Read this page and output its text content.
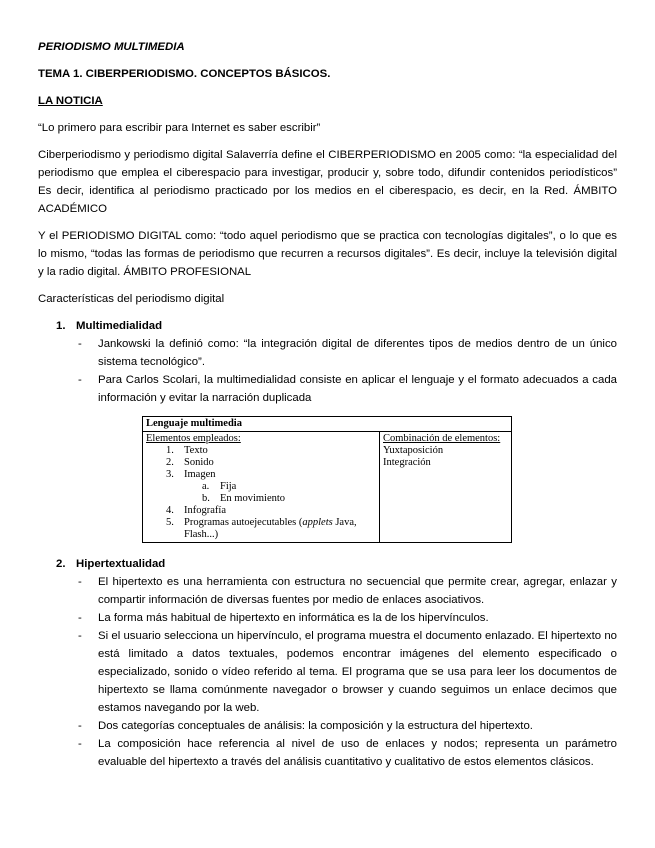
PERIODISMO MULTIMEDIA

TEMA 1. CIBERPERIODISMO. CONCEPTOS BÁSICOS.

LA NOTICIA

“Lo primero para escribir para Internet es saber escribir”

Ciberperiodismo y periodismo digital Salaverría define el CIBERPERIODISMO en 2005 como: “la especialidad del periodismo que emplea el ciberespacio para investigar, producir y, sobre todo, difundir contenidos periodísticos” Es decir, identifica al periodismo practicado por los medios en el ciberespacio, es decir, en la Red. ÁMBITO ACADÉMICO

Y el PERIODISMO DIGITAL como: “todo aquel periodismo que se practica con tecnologías digitales”, o lo que es lo mismo, “todas las formas de periodismo que recurren a recursos digitales”. Es decir, incluye la televisión digital y la radio digital. ÁMBITO PROFESIONAL

Características del periodismo digital

1. Multimedialidad
- Jankowski la definió como: “la integración digital de diferentes tipos de medios dentro de un único sistema tecnológico”.
- Para Carlos Scolari, la multimedialidad consiste en aplicar el lenguaje y el formato adecuados a cada información y evitar la narración duplicada
Lenguaje multimedia

Elementos empleados:
1. Texto
2. Sonido
3. Imagen
a. Fija
b. En movimiento
4. Infografía
5. Programas autoejecutables (applets Java,
Flash...)

Combinación de elementos:
Yuxtaposición
Integración
2. Hipertextualidad
- El hipertexto es una herramienta con estructura no secuencial que permite crear, agregar, enlazar y compartir información de diversas fuentes por medio de enlaces asociativos.
- La forma más habitual de hipertexto en informática es la de los hipervínculos.
- Si el usuario selecciona un hipervínculo, el programa muestra el documento enlazado. El hipertexto no está limitado a datos textuales, podemos encontrar imágenes del elemento especificado o especializado, sonido o vídeo referido al tema. El programa que se usa para leer los documentos de hipertexto se llama comúnmente navegador o browser y cuando seguimos un enlace decimos que estamos navegando por la web.
- Dos categorías conceptuales de análisis: la composición y la estructura del hipertexto.
- La composición hace referencia al nivel de uso de enlaces y nodos; representa un parámetro evaluable del hipertexto a través del análisis cuantitativo y cualitativo de estos elementos clásicos.
